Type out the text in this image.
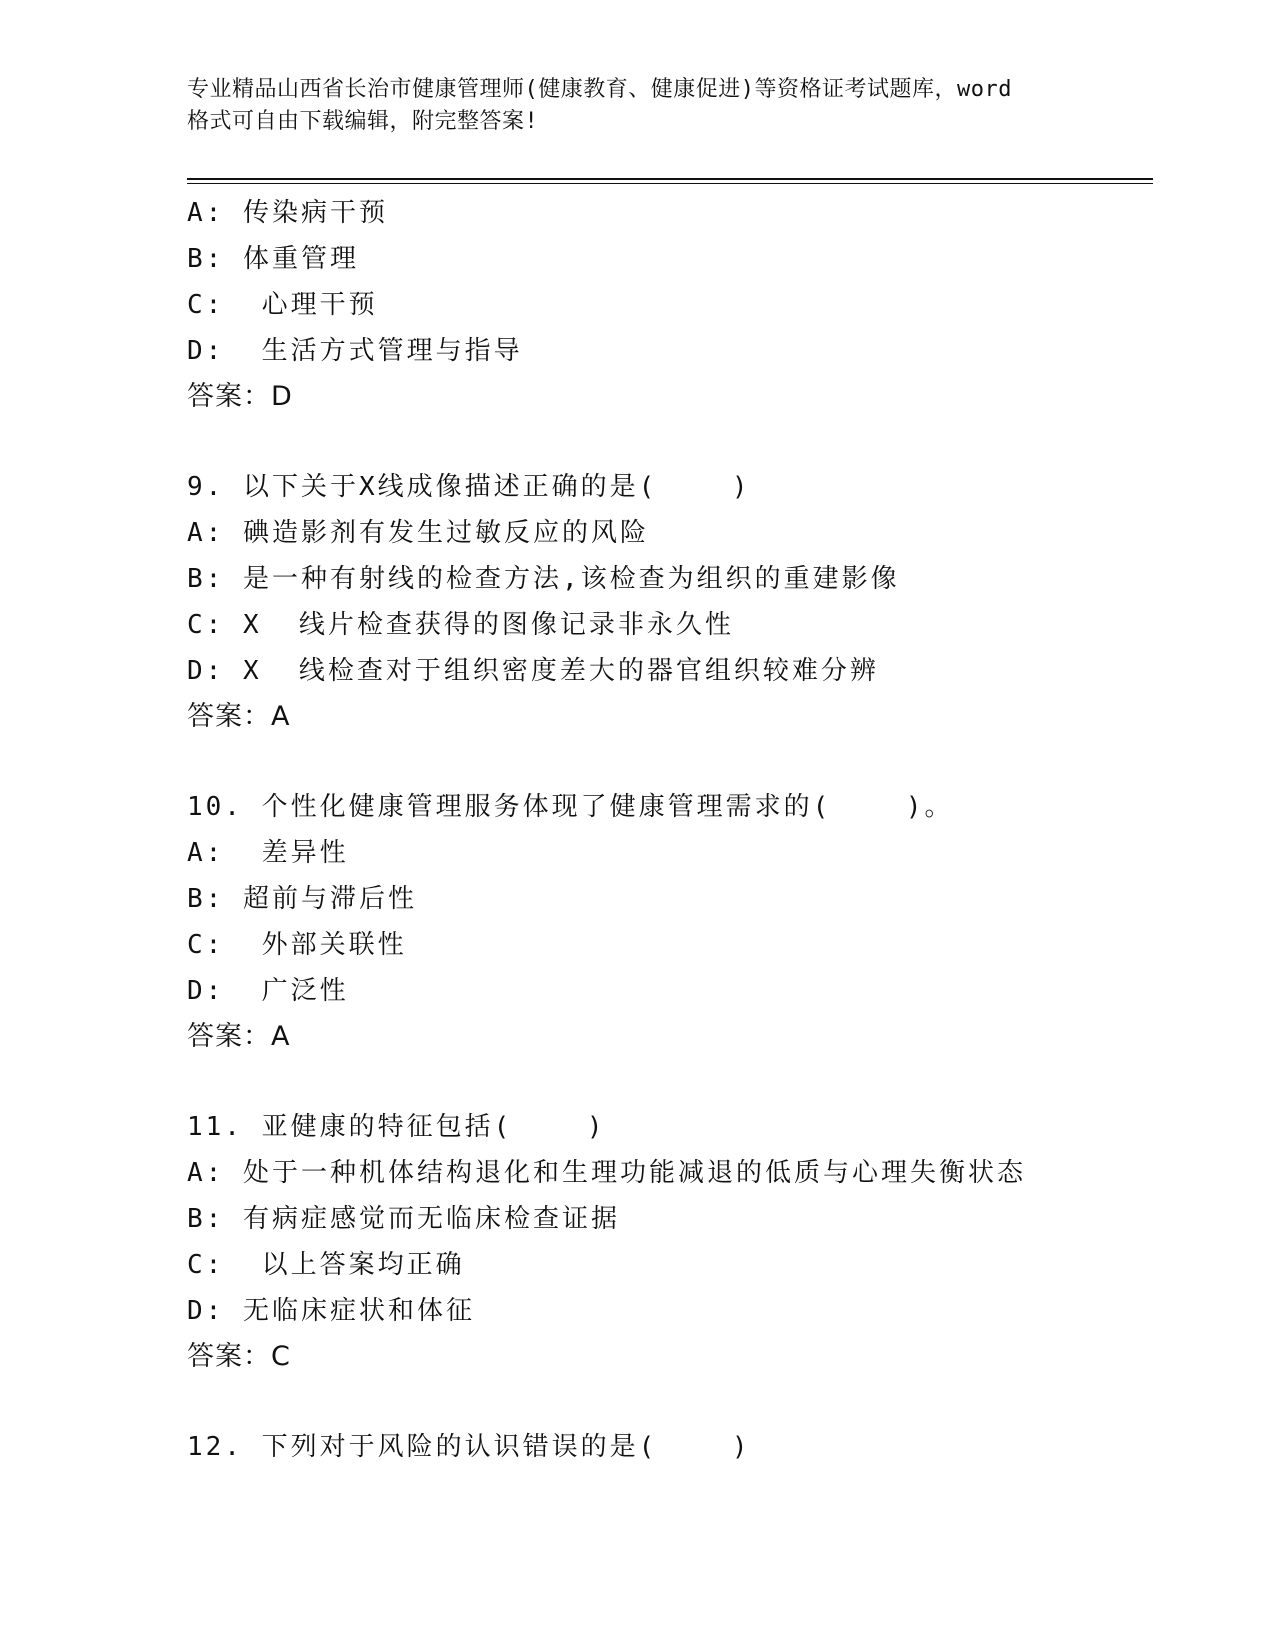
专业精品山西省长治市健康管理师(健康教育、健康促进)等资格证考试题库，word
格式可自由下载编辑，附完整答案!
A: 传染病干预
B: 体重管理
C:  心理干预
D:  生活方式管理与指导
答案：D
9. 以下关于X线成像描述正确的是(    )
A: 碘造影剂有发生过敏反应的风险
B: 是一种有射线的检查方法,该检查为组织的重建影像
C: X  线片检查获得的图像记录非永久性
D: X  线检查对于组织密度差大的器官组织较难分辨
答案：A
10. 个性化健康管理服务体现了健康管理需求的(    )。
A:  差异性
B: 超前与滞后性
C:  外部关联性
D:  广泛性
答案：A
11. 亚健康的特征包括(    )
A: 处于一种机体结构退化和生理功能减退的低质与心理失衡状态
B: 有病症感觉而无临床检查证据
C:  以上答案均正确
D: 无临床症状和体征
答案：C
12. 下列对于风险的认识错误的是(    )
